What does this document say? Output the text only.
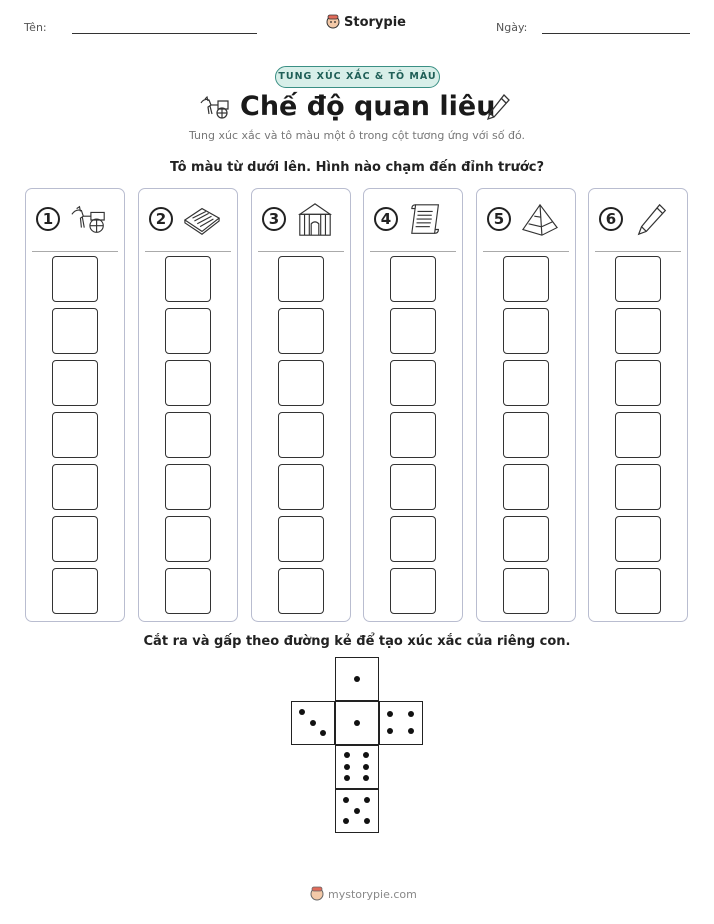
Tên:	Storypie	Ngày:
TUNG XÚC XẮC & TÔ MÀU
Chế độ quan liêu
Tung xúc xắc và tô màu một ô trong cột tương ứng với số đó.
Tô màu từ dưới lên. Hình nào chạm đến đỉnh trước?
1	2	3	4	5	6
Cắt ra và gấp theo đường kẻ để tạo xúc xắc của riêng con.
mystorypie.com
